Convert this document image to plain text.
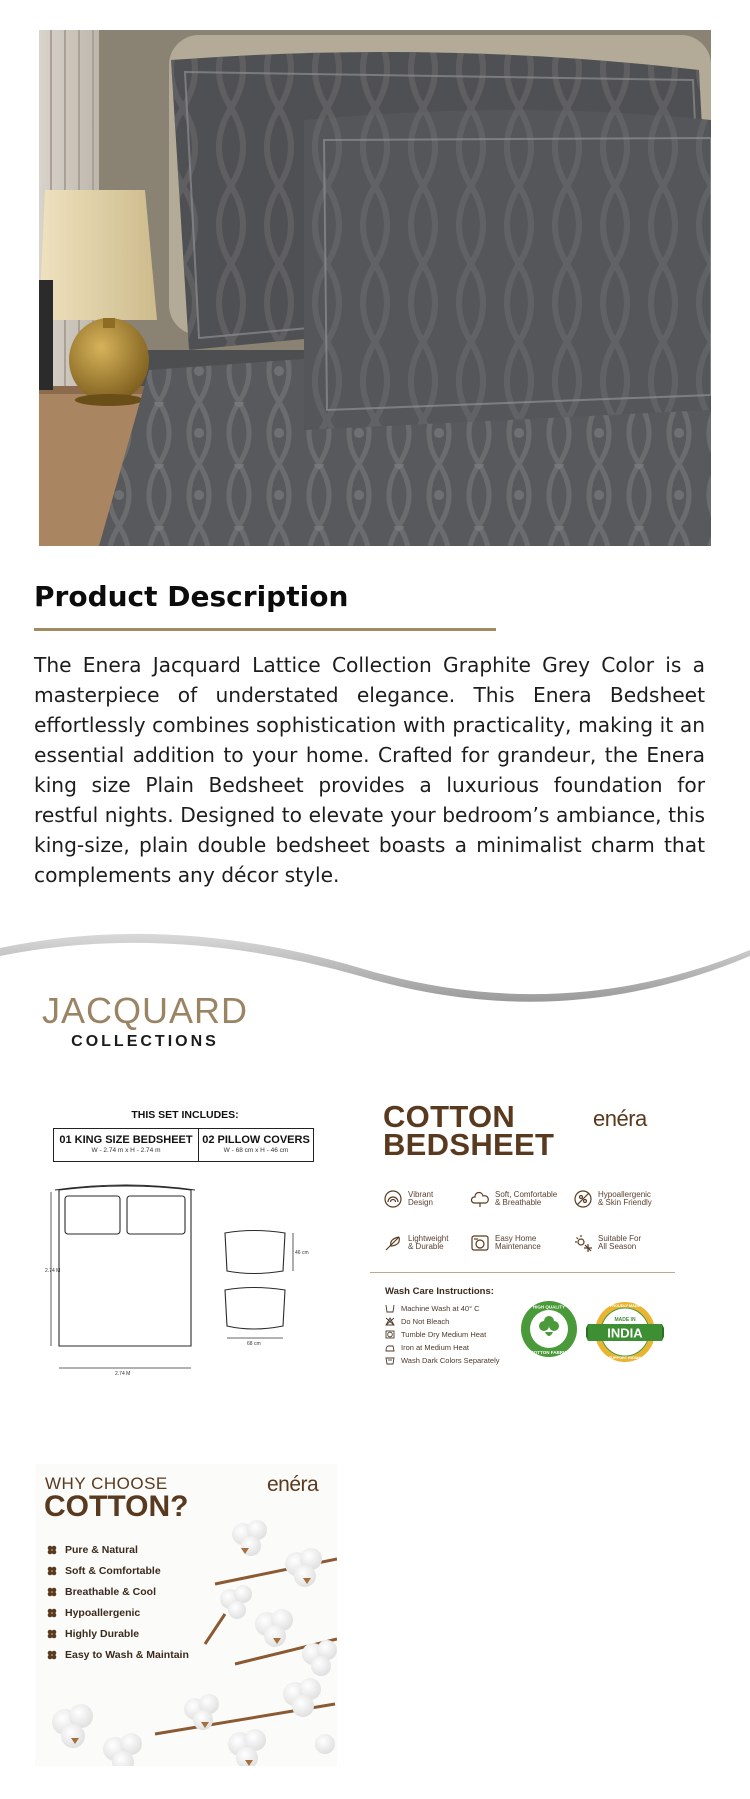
Product Description

The Enera Jacquard Lattice Collection Graphite Grey Color is a masterpiece of understated elegance. This Enera Bedsheet effortlessly combines sophistication with practicality, making it an essential addition to your home. Crafted for grandeur, the Enera king size Plain Bedsheet provides a luxurious foundation for restful nights. Designed to elevate your bedroom’s ambiance, this king-size, plain double bedsheet boasts a minimalist charm that complements any décor style.

JACQUARD
COLLECTIONS
THIS SET INCLUDES:
01 KING SIZE BEDSHEET
W - 2.74 m x H - 2.74 m
02 PILLOW COVERS
W - 68 cm x H - 46 cm
2.74 M
2.74 M
46 cm
68 cm
COTTON
BEDSHEET
enéra
Vibrant
Design
Soft, Comfortable
& Breathable
Hypoallergenic
& Skin Friendly
Lightweight
& Durable
Easy Home
Maintenance
Suitable For
All Season
Wash Care Instructions:
Machine Wash at 40° C
Do Not Bleach
Tumble Dry Medium Heat
Iron at Medium Heat
Wash Dark Colors Separately
HIGH QUALITY
COTTON FABRIC
MADE IN
INDIA
PROUDLY MADE
SUPPORT INDIAN
WHY CHOOSE
COTTON?
enéra
Pure & Natural
Soft & Comfortable
Breathable & Cool
Hypoallergenic
Highly Durable
Easy to Wash & Maintain
